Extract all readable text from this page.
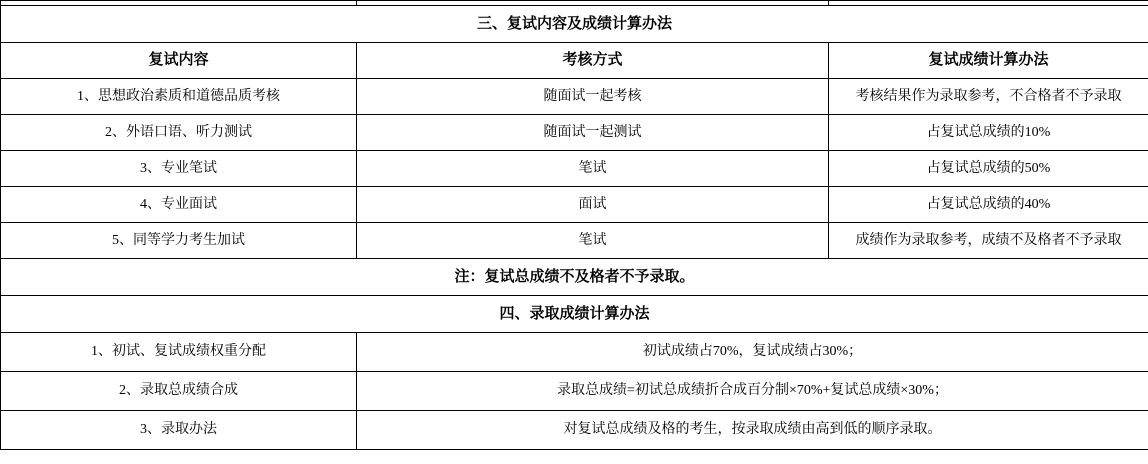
三、复试内容及成绩计算办法		
复试内容	考核方式	复试成绩计算办法
1、思想政治素质和道德品质考核	随面试一起考核	考核结果作为录取参考，不合格者不予录取
2、外语口语、听力测试	随面试一起测试	占复试总成绩的10%
3、专业笔试	笔试	占复试总成绩的50%
4、专业面试	面试	占复试总成绩的40%
5、同等学力考生加试	笔试	成绩作为录取参考，成绩不及格者不予录取
注：复试总成绩不及格者不予录取。		
四、录取成绩计算办法		
1、初试、复试成绩权重分配	初试成绩占70%，复试成绩占30%；	
2、录取总成绩合成	录取总成绩=初试总成绩折合成百分制×70%+复试总成绩×30%；	
3、录取办法	对复试总成绩及格的考生，按录取成绩由高到低的顺序录取。	
